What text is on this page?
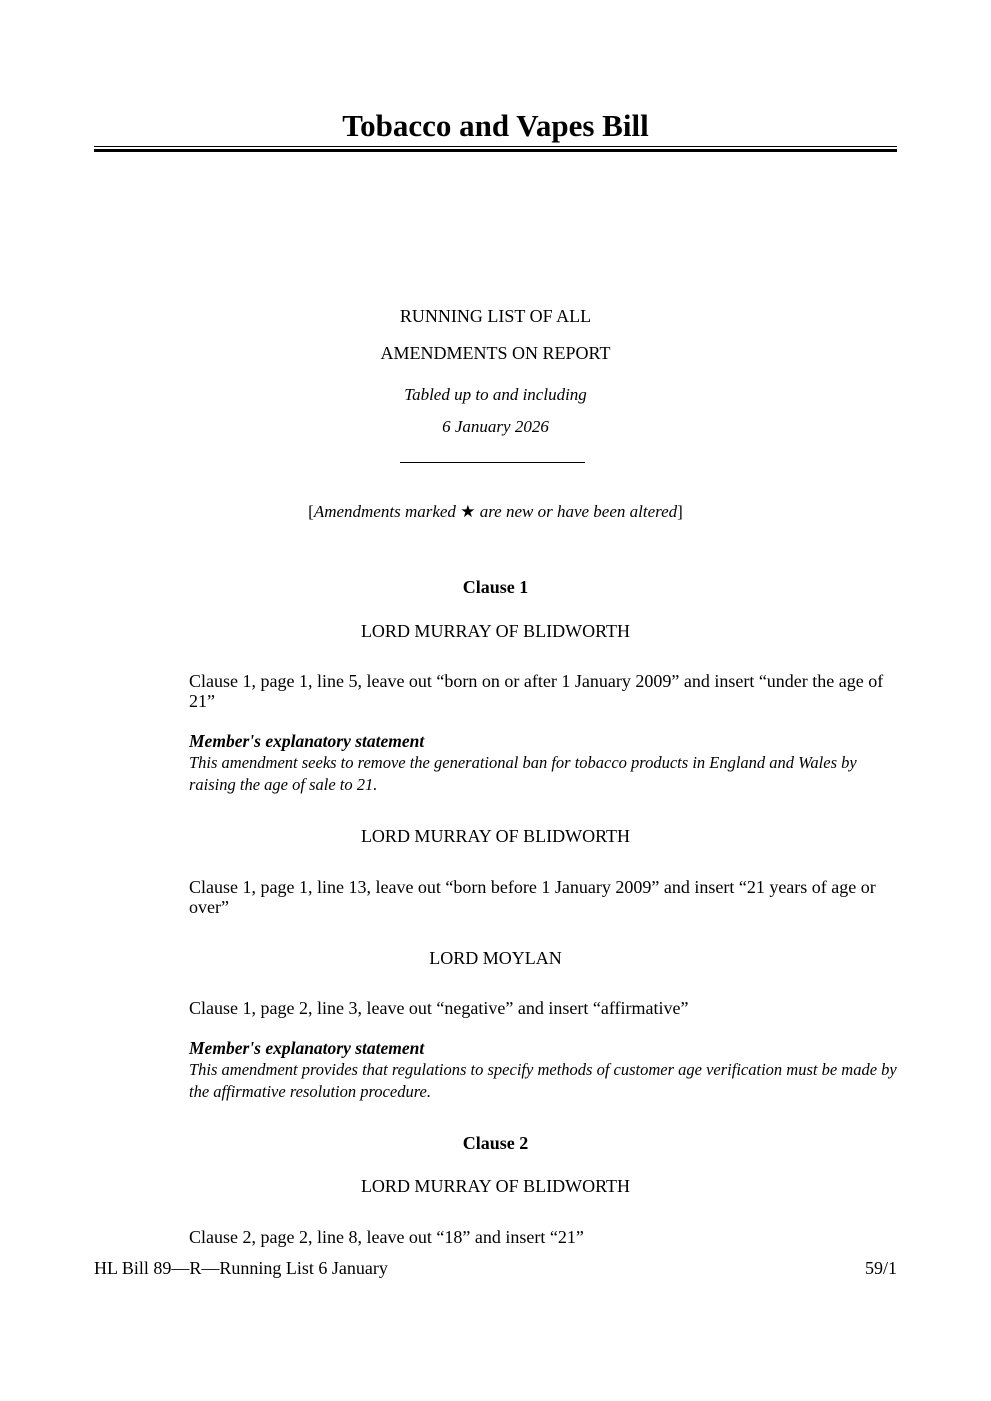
Tobacco and Vapes Bill
RUNNING LIST OF ALL
AMENDMENTS ON REPORT
Tabled up to and including
6 January 2026
[Amendments marked ★ are new or have been altered]
Clause 1
LORD MURRAY OF BLIDWORTH
Clause 1, page 1, line 5, leave out “born on or after 1 January 2009” and insert “under the age of 21”
Member's explanatory statement
This amendment seeks to remove the generational ban for tobacco products in England and Wales by raising the age of sale to 21.
LORD MURRAY OF BLIDWORTH
Clause 1, page 1, line 13, leave out “born before 1 January 2009” and insert “21 years of age or over”
LORD MOYLAN
Clause 1, page 2, line 3, leave out “negative” and insert “affirmative”
Member's explanatory statement
This amendment provides that regulations to specify methods of customer age verification must be made by the affirmative resolution procedure.
Clause 2
LORD MURRAY OF BLIDWORTH
Clause 2, page 2, line 8, leave out “18” and insert “21”
HL Bill 89—R—Running List 6 January	59/1
